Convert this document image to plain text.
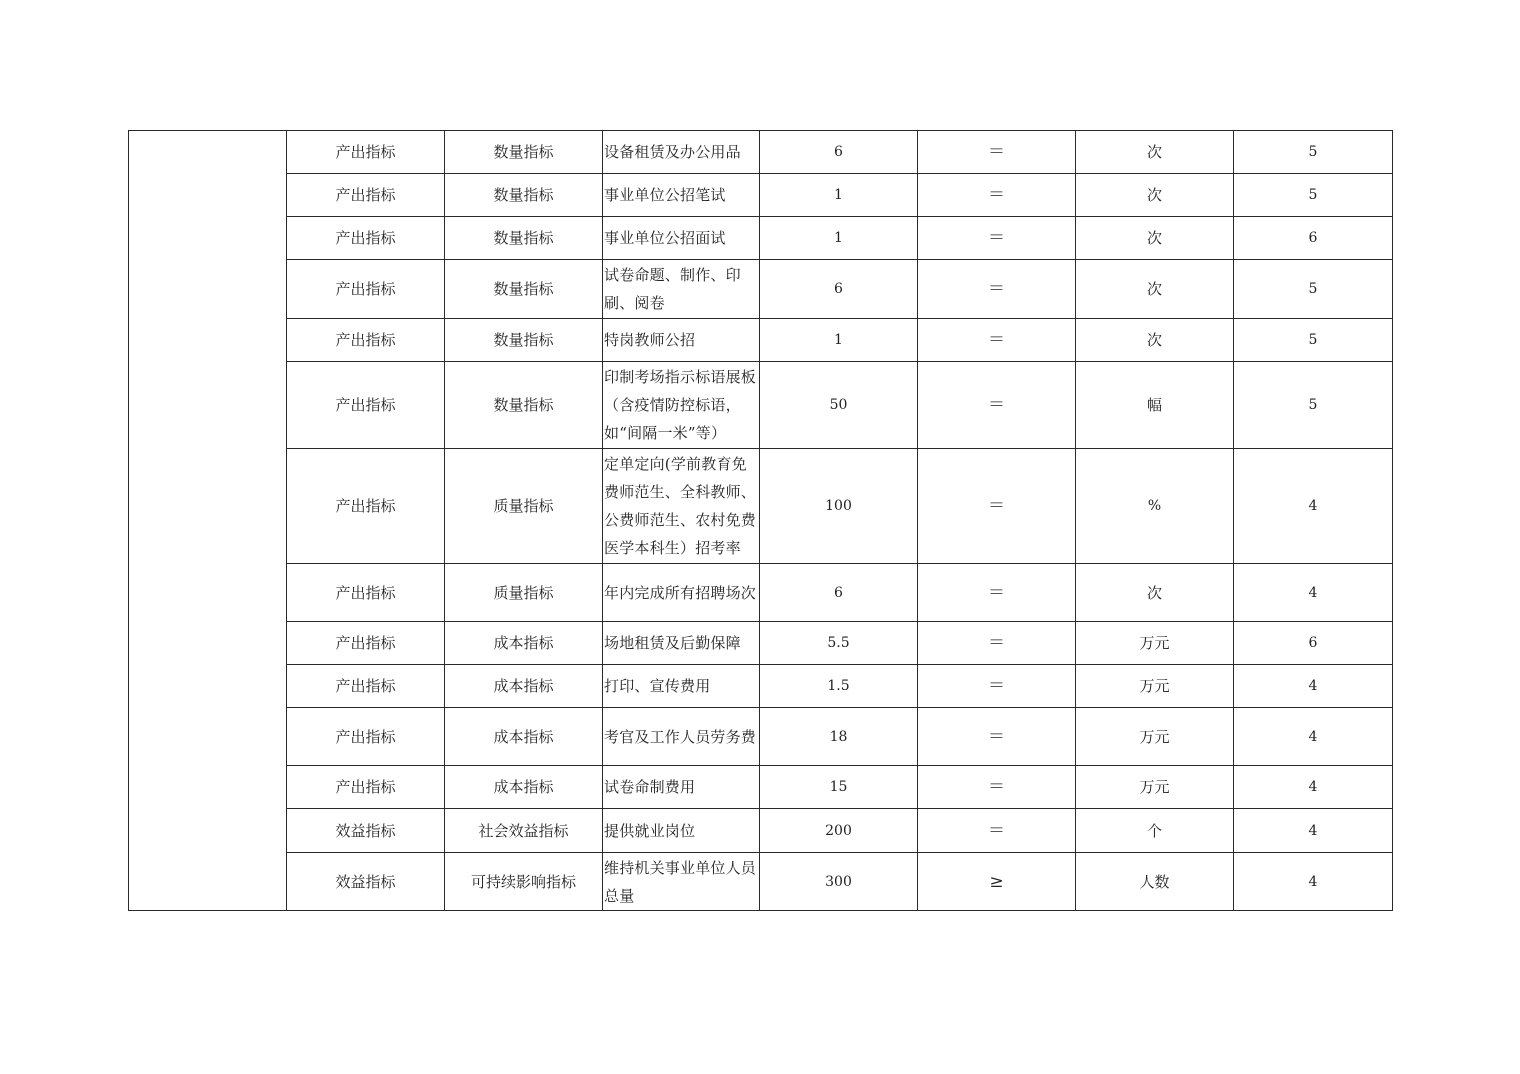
	产出指标	数量指标	设备租赁及办公用品	6	＝	次	5
	产出指标	数量指标	事业单位公招笔试	1	＝	次	5
	产出指标	数量指标	事业单位公招面试	1	＝	次	6
	产出指标	数量指标	试卷命题、制作、印刷、阅卷	6	＝	次	5
	产出指标	数量指标	特岗教师公招	1	＝	次	5
	产出指标	数量指标	印制考场指示标语展板（含疫情防控标语，如“间隔一米”等）	50	＝	幅	5
	产出指标	质量指标	定单定向(学前教育免费师范生、全科教师、公费师范生、农村免费医学本科生）招考率	100	＝	%	4
	产出指标	质量指标	年内完成所有招聘场次	6	＝	次	4
	产出指标	成本指标	场地租赁及后勤保障	5.5	＝	万元	6
	产出指标	成本指标	打印、宣传费用	1.5	＝	万元	4
	产出指标	成本指标	考官及工作人员劳务费	18	＝	万元	4
	产出指标	成本指标	试卷命制费用	15	＝	万元	4
	效益指标	社会效益指标	提供就业岗位	200	＝	个	4
	效益指标	可持续影响指标	维持机关事业单位人员总量	300	≥	人数	4
